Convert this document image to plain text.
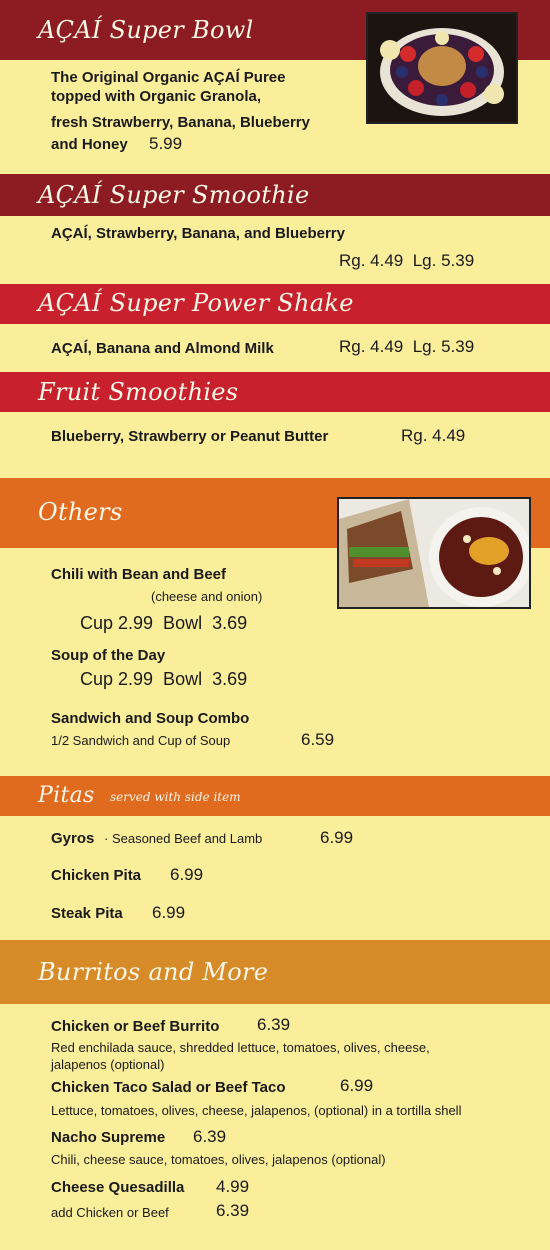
AÇAÍ Super Bowl
The Original Organic AÇAÍ Puree
topped with Organic Granola,
fresh Strawberry, Banana, Blueberry
and Honey 5.99
AÇAÍ Super Smoothie
AÇAÍ, Strawberry, Banana, and Blueberry
Rg. 4.49  Lg. 5.39
AÇAÍ Super Power Shake
AÇAÍ, Banana and Almond Milk	Rg. 4.49  Lg. 5.39
Fruit Smoothies
Blueberry, Strawberry or Peanut Butter	Rg. 4.49
Others
Chili with Bean and Beef
(cheese and onion)
Cup 2.99  Bowl  3.69
Soup of the Day
Cup 2.99  Bowl  3.69
Sandwich and Soup Combo
1/2 Sandwich and Cup of Soup	6.59
Pitas served with side item
Gyros · Seasoned Beef and Lamb	6.99
Chicken Pita 6.99
Steak Pita 6.99
Burritos and More
Chicken or Beef Burrito 6.39
Red enchilada sauce, shredded lettuce, tomatoes, olives, cheese,
jalapenos (optional)
Chicken Taco Salad or Beef Taco	6.99
Lettuce, tomatoes, olives, cheese, jalapenos, (optional) in a tortilla shell
Nacho Supreme 6.39
Chili, cheese sauce, tomatoes, olives, jalapenos (optional)
Cheese Quesadilla 4.99
add Chicken or Beef	6.39
